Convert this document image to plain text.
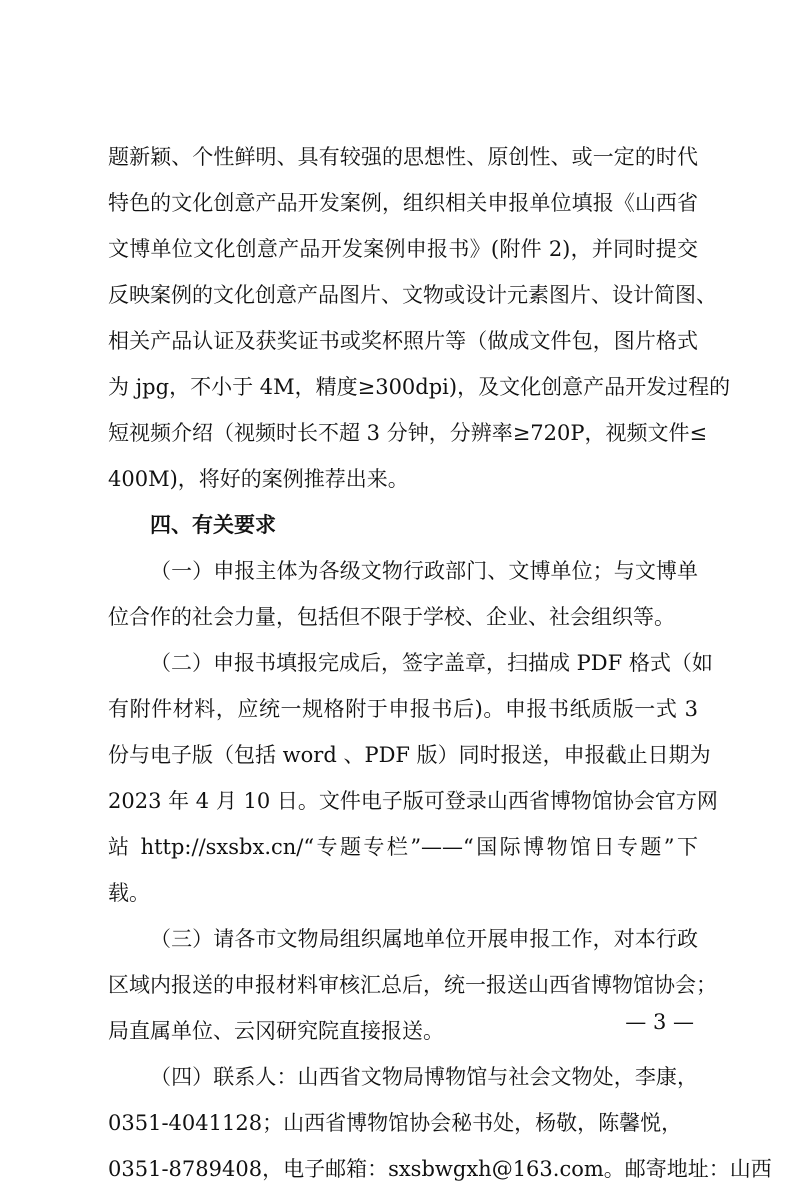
题新颖、个性鲜明、具有较强的思想性、原创性、或一定的时代
特色的文化创意产品开发案例，组织相关申报单位填报《山西省
文博单位文化创意产品开发案例申报书》(附件 2)，并同时提交
反映案例的文化创意产品图片、文物或设计元素图片、设计简图、
相关产品认证及获奖证书或奖杯照片等（做成文件包，图片格式
为 jpg，不小于 4M，精度≥300dpi)，及文化创意产品开发过程的
短视频介绍（视频时长不超 3 分钟，分辨率≥720P，视频文件≤
400M)，将好的案例推荐出来。
四、有关要求
（一）申报主体为各级文物行政部门、文博单位；与文博单
位合作的社会力量，包括但不限于学校、企业、社会组织等。
（二）申报书填报完成后，签字盖章，扫描成 PDF 格式（如
有附件材料，应统一规格附于申报书后)。申报书纸质版一式 3
份与电子版（包括 word 、PDF 版）同时报送，申报截止日期为
2023 年 4 月 10 日。文件电子版可登录山西省博物馆协会官方网
站 http://sxsbx.cn/“专题专栏”——“国际博物馆日专题”下
载。
（三）请各市文物局组织属地单位开展申报工作，对本行政
区域内报送的申报材料审核汇总后，统一报送山西省博物馆协会；
局直属单位、云冈研究院直接报送。
（四）联系人：山西省文物局博物馆与社会文物处，李康，
0351-4041128；山西省博物馆协会秘书处，杨敬，陈馨悦，
0351-8789408，电子邮箱：sxsbwgxh@163.com。邮寄地址：山西
— 3 —
